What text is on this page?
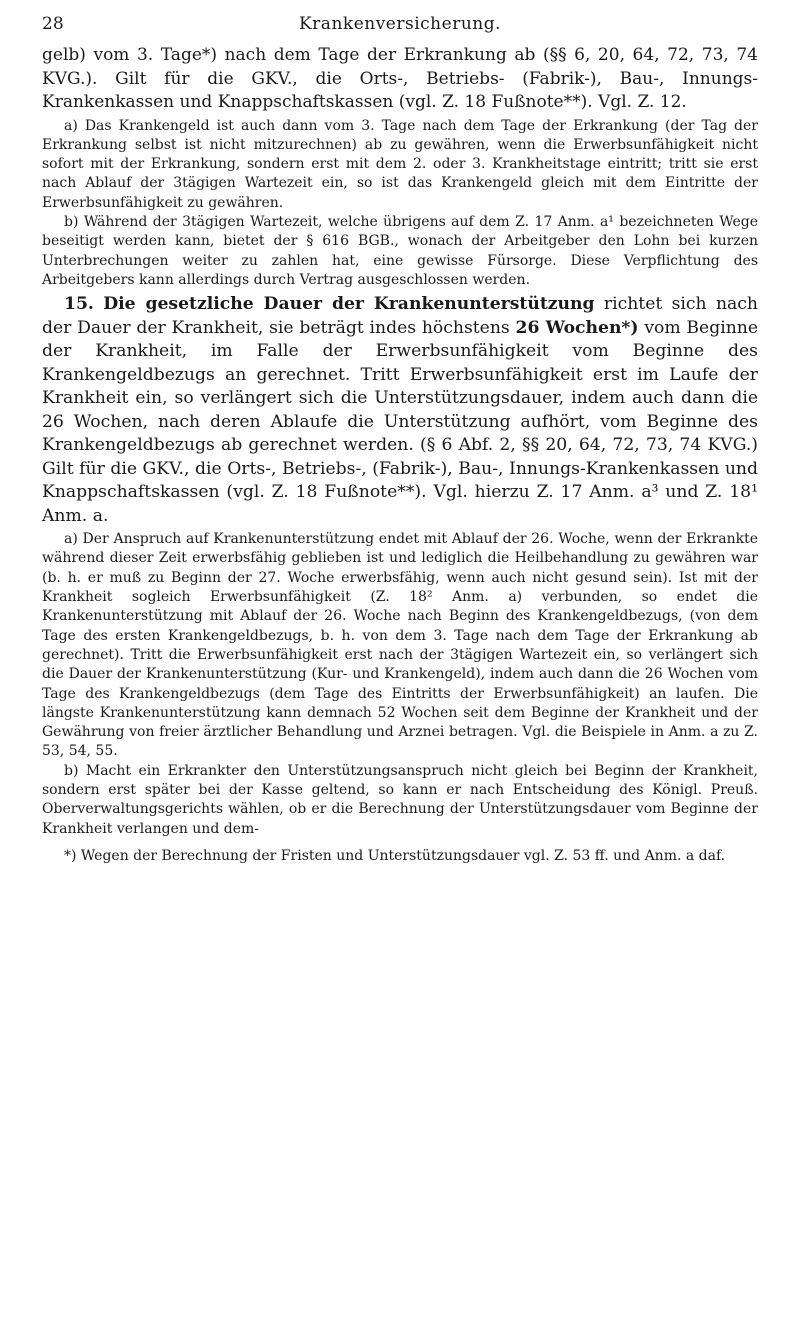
28	Krankenversicherung.

gelb) vom 3. Tage*) nach dem Tage der Erkrankung ab (§§ 6, 20, 64, 72, 73, 74 KVG.). Gilt für die GKV., die Orts-, Betriebs- (Fabrik-), Bau-, Innungs-Krankenkassen und Knappschaftskassen (vgl. Z. 18 Fußnote**). Vgl. Z. 12.

a) Das Krankengeld ist auch dann vom 3. Tage nach dem Tage der Erkrankung (der Tag der Erkrankung selbst ist nicht mitzurechnen) ab zu gewähren, wenn die Erwerbsunfähigkeit nicht sofort mit der Erkrankung, sondern erst mit dem 2. oder 3. Krankheitstage eintritt; tritt sie erst nach Ablauf der 3tägigen Wartezeit ein, so ist das Krankengeld gleich mit dem Eintritte der Erwerbsunfähigkeit zu gewähren.

b) Während der 3tägigen Wartezeit, welche übrigens auf dem Z. 17 Anm. a¹ bezeichneten Wege beseitigt werden kann, bietet der § 616 BGB., wonach der Arbeitgeber den Lohn bei kurzen Unterbrechungen weiter zu zahlen hat, eine gewisse Fürsorge. Diese Verpflichtung des Arbeitgebers kann allerdings durch Vertrag ausgeschlossen werden.

15. Die gesetzliche Dauer der Krankenunterstützung richtet sich nach der Dauer der Krankheit, sie beträgt indes höchstens 26 Wochen*) vom Beginne der Krankheit, im Falle der Erwerbsunfähigkeit vom Beginne des Krankengeldbezugs an gerechnet. Tritt Erwerbsunfähigkeit erst im Laufe der Krankheit ein, so verlängert sich die Unterstützungsdauer, indem auch dann die 26 Wochen, nach deren Ablaufe die Unterstützung aufhört, vom Beginne des Krankengeldbezugs ab gerechnet werden. (§ 6 Abf. 2, §§ 20, 64, 72, 73, 74 KVG.) Gilt für die GKV., die Orts-, Betriebs-, (Fabrik-), Bau-, Innungs-Krankenkassen und Knappschaftskassen (vgl. Z. 18 Fußnote**). Vgl. hierzu Z. 17 Anm. a³ und Z. 18¹ Anm. a.

a) Der Anspruch auf Krankenunterstützung endet mit Ablauf der 26. Woche, wenn der Erkrankte während dieser Zeit erwerbsfähig geblieben ist und lediglich die Heilbehandlung zu gewähren war (b. h. er muß zu Beginn der 27. Woche erwerbsfähig, wenn auch nicht gesund sein). Ist mit der Krankheit sogleich Erwerbsunfähigkeit (Z. 18² Anm. a) verbunden, so endet die Krankenunterstützung mit Ablauf der 26. Woche nach Beginn des Krankengeldbezugs, (von dem Tage des ersten Krankengeldbezugs, b. h. von dem 3. Tage nach dem Tage der Erkrankung ab gerechnet). Tritt die Erwerbsunfähigkeit erst nach der 3tägigen Wartezeit ein, so verlängert sich die Dauer der Krankenunterstützung (Kur- und Krankengeld), indem auch dann die 26 Wochen vom Tage des Krankengeldbezugs (dem Tage des Eintritts der Erwerbsunfähigkeit) an laufen. Die längste Krankenunterstützung kann demnach 52 Wochen seit dem Beginne der Krankheit und der Gewährung von freier ärztlicher Behandlung und Arznei betragen. Vgl. die Beispiele in Anm. a zu Z. 53, 54, 55.

b) Macht ein Erkrankter den Unterstützungsanspruch nicht gleich bei Beginn der Krankheit, sondern erst später bei der Kasse geltend, so kann er nach Entscheidung des Königl. Preuß. Oberverwaltungsgerichts wählen, ob er die Berechnung der Unterstützungsdauer vom Beginne der Krankheit verlangen und dem-

*) Wegen der Berechnung der Fristen und Unterstützungsdauer vgl. Z. 53 ff. und Anm. a daf.
